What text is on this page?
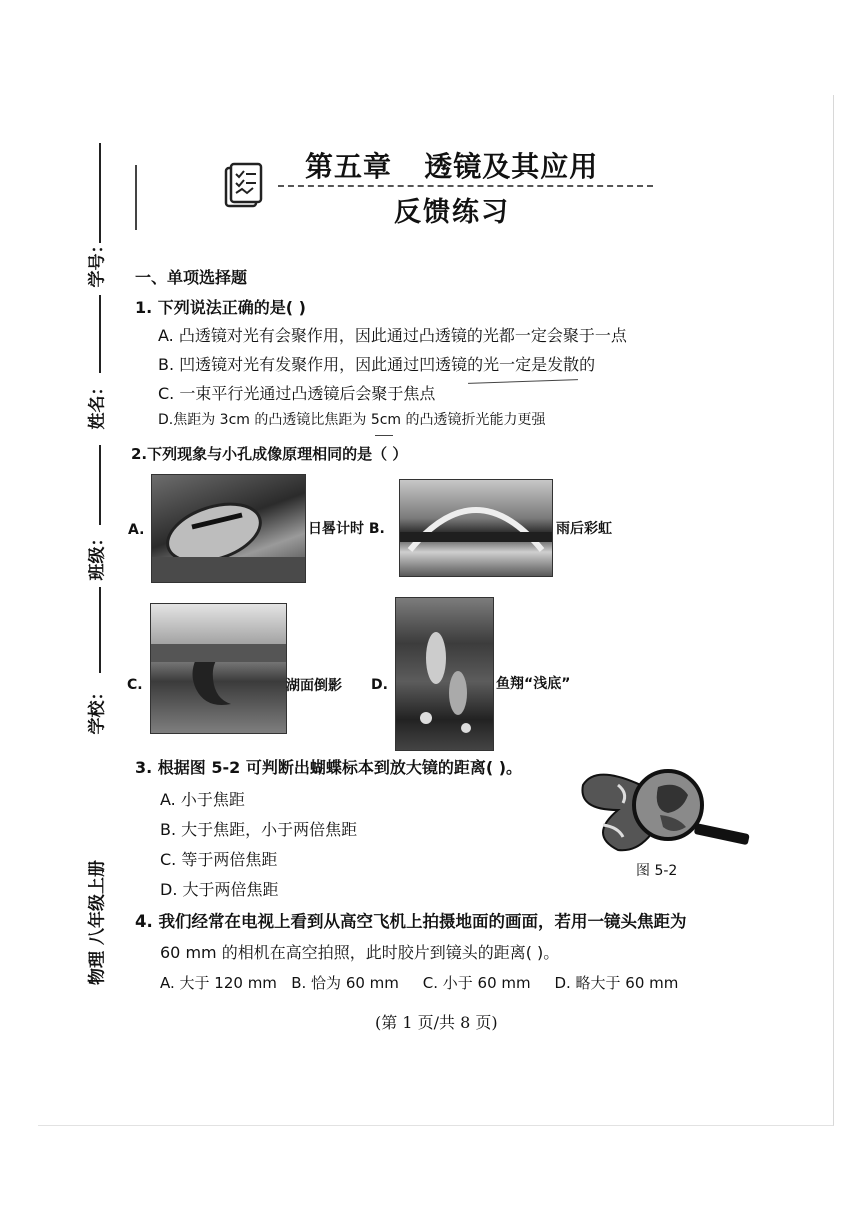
学号：
姓名：
班级：
学校：
物理 八年级上册
第五章   透镜及其应用
反馈练习
一、单项选择题
1. 下列说法正确的是( )
A. 凸透镜对光有会聚作用，因此通过凸透镜的光都一定会聚于一点
B. 凹透镜对光有发聚作用，因此通过凹透镜的光一定是发散的
C. 一束平行光通过凸透镜后会聚于焦点
D.焦距为 3cm 的凸透镜比焦距为 5cm 的凸透镜折光能力更强
2.下列现象与小孔成像原理相同的是（ ）
A.	日晷计时 B.	雨后彩虹
C.	湖面倒影 D.	鱼翔“浅底”
3. 根据图 5-2 可判断出蝴蝶标本到放大镜的距离( )。
A. 小于焦距
B. 大于焦距，小于两倍焦距
C. 等于两倍焦距
D. 大于两倍焦距
图 5-2
4. 我们经常在电视上看到从高空飞机上拍摄地面的画面，若用一镜头焦距为
60 mm 的相机在高空拍照，此时胶片到镜头的距离( )。
A. 大于 120 mm   B. 恰为 60 mm     C. 小于 60 mm     D. 略大于 60 mm
(第 1 页/共 8 页)
